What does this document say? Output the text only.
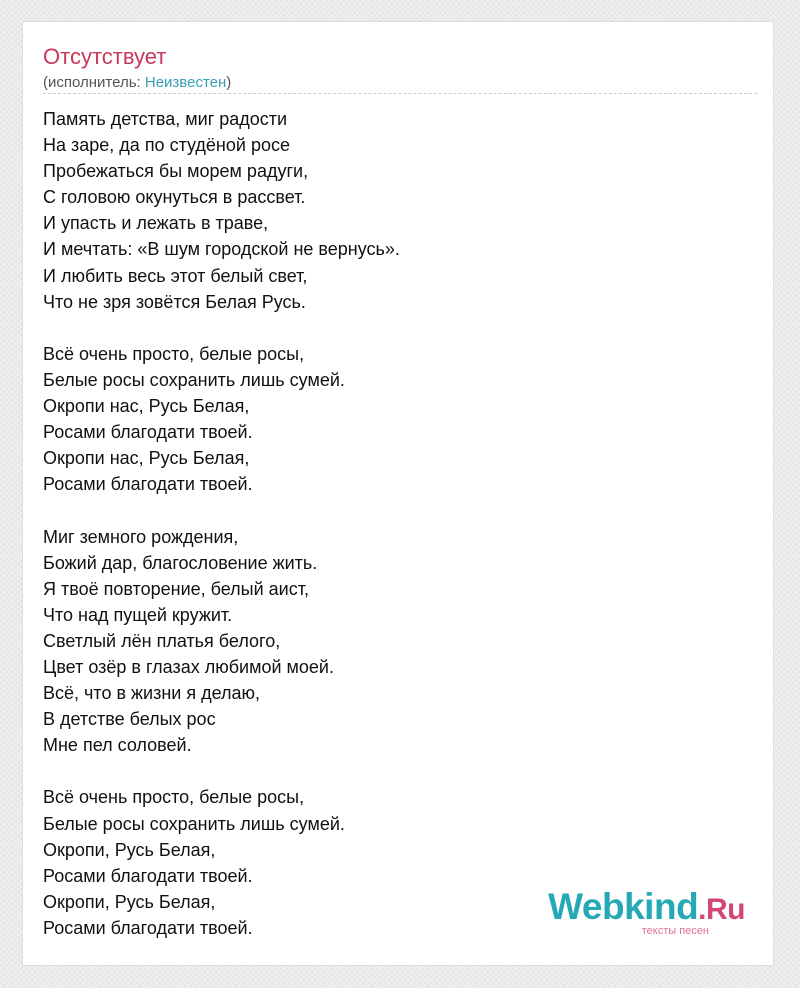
Отсутствует
(исполнитель: Неизвестен)
Память детства, миг радости
На заре, да по студёной росе
Пробежаться бы морем радуги,
С головою окунуться в рассвет.
И упасть и лежать в траве,
И мечтать: «В шум городской не вернусь».
И любить весь этот белый свет,
Что не зря зовётся Белая Русь.

Всё очень просто, белые росы,
Белые росы сохранить лишь сумей.
Окропи нас, Русь Белая,
Росами благодати твоей.
Окропи нас, Русь Белая,
Росами благодати твоей.

Миг земного рождения,
Божий дар, благословение жить.
Я твоё повторение, белый аист,
Что над пущей кружит.
Светлый лён платья белого,
Цвет озёр в глазах любимой моей.
Всё, что в жизни я делаю,
В детстве белых рос
Мне пел соловей.

Всё очень просто, белые росы,
Белые росы сохранить лишь сумей.
Окропи, Русь Белая,
Росами благодати твоей.
Окропи, Русь Белая,
Росами благодати твоей.
Webkind.Ru
тексты песен
